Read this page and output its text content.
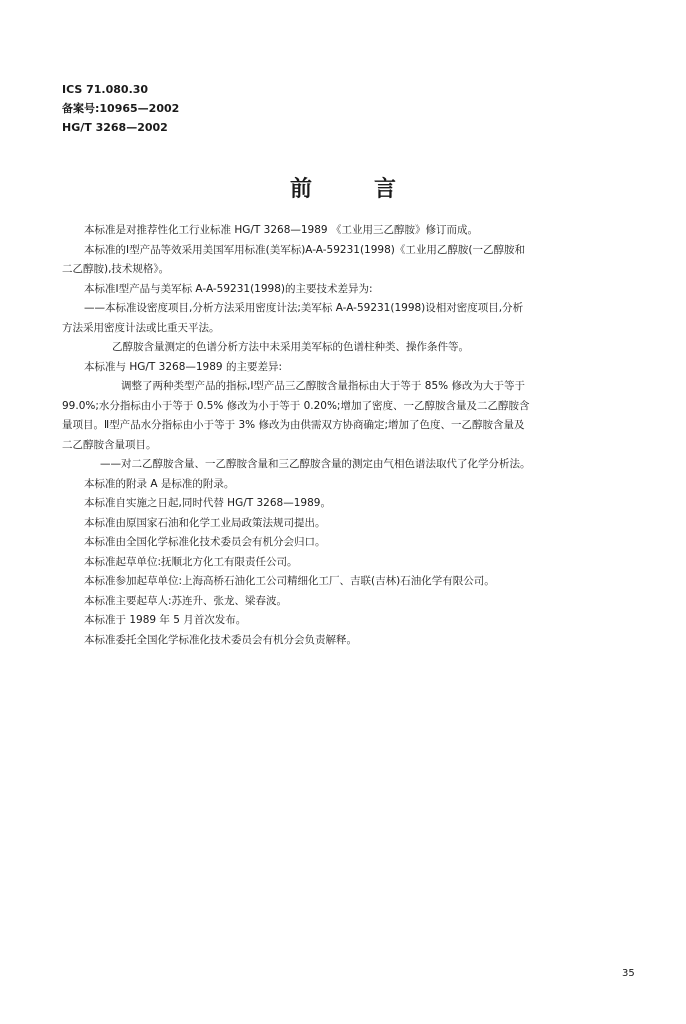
ICS 71.080.30
备案号:10965—2002
HG/T 3268—2002
前言
本标准是对推荐性化工行业标准 HG/T 3268—1989 《工业用三乙醇胺》修订而成。
本标准的Ⅰ型产品等效采用美国军用标准(美军标)A-A-59231(1998)《工业用乙醇胺(一乙醇胺和
二乙醇胺),技术规格》。
本标准Ⅰ型产品与美军标 A-A-59231(1998)的主要技术差异为:
——本标准设密度项目,分析方法采用密度计法;美军标 A-A-59231(1998)设相对密度项目,分析
方法采用密度计法或比重天平法。
乙醇胺含量测定的色谱分析方法中未采用美军标的色谱柱种类、操作条件等。
本标准与 HG/T 3268—1989 的主要差异:
调整了两种类型产品的指标,Ⅰ型产品三乙醇胺含量指标由大于等于 85% 修改为大于等于
99.0%;水分指标由小于等于 0.5% 修改为小于等于 0.20%;增加了密度、一乙醇胺含量及二乙醇胺含
量项目。Ⅱ型产品水分指标由小于等于 3% 修改为由供需双方协商确定;增加了色度、一乙醇胺含量及
二乙醇胺含量项目。
——对二乙醇胺含量、一乙醇胺含量和三乙醇胺含量的测定由气相色谱法取代了化学分析法。
本标准的附录 A 是标准的附录。
本标准自实施之日起,同时代替 HG/T 3268—1989。
本标准由原国家石油和化学工业局政策法规司提出。
本标准由全国化学标准化技术委员会有机分会归口。
本标准起草单位:抚顺北方化工有限责任公司。
本标准参加起草单位:上海高桥石油化工公司精细化工厂、吉联(吉林)石油化学有限公司。
本标准主要起草人:苏连升、张龙、梁春波。
本标准于 1989 年 5 月首次发布。
本标准委托全国化学标准化技术委员会有机分会负责解释。
35
